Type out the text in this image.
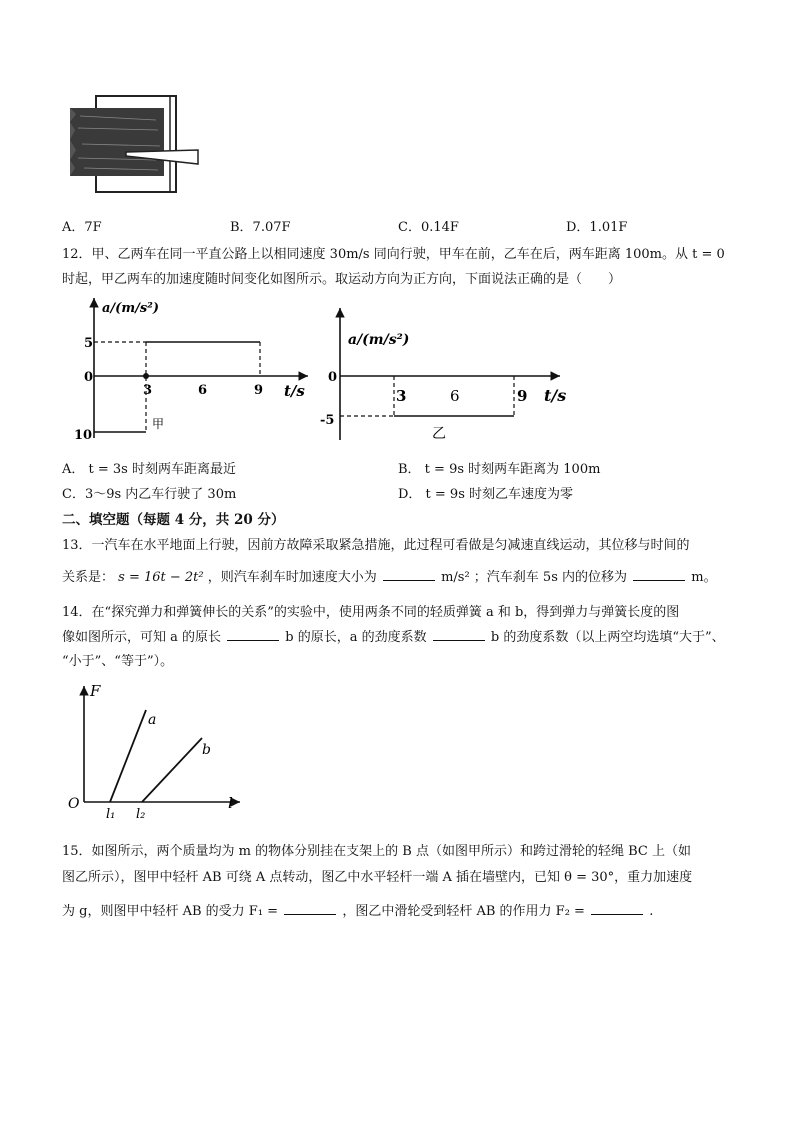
A．7F	B．7.07F	C．0.14F	D．1.01F
12．甲、乙两车在同一平直公路上以相同速度 30m/s 同向行驶，甲车在前，乙车在后，两车距离 100m。从 t = 0
时起，甲乙两车的加速度随时间变化如图所示。取运动方向为正方向，下面说法正确的是（　　）
a/(m/s²)
0
5
10
3	6	9 t/s
甲
a/(m/s²)
0
-5
3	6	9 t/s
乙
A． t = 3s 时刻两车距离最近	B． t = 9s 时刻两车距离为 100m
C．3～9s 内乙车行驶了 30m	D． t = 9s 时刻乙车速度为零
二、填空题（每题 4 分，共 20 分）
13．一汽车在水平地面上行驶，因前方故障采取紧急措施，此过程可看做是匀减速直线运动，其位移与时间的
关系是： s = 16t − 2t² ，则汽车刹车时加速度大小为	m/s² ；汽车刹车 5s 内的位移为	m。
14．在“探究弹力和弹簧伸长的关系”的实验中，使用两条不同的轻质弹簧 a 和 b，得到弹力与弹簧长度的图
像如图所示，可知 a 的原长	b 的原长，a 的劲度系数	b 的劲度系数（以上两空均选填“大于”、
“小于”、“等于”）。
F
O	l
a
b
l₁ l₂
15．如图所示，两个质量均为 m 的物体分别挂在支架上的 B 点（如图甲所示）和跨过滑轮的轻绳 BC 上（如
图乙所示），图甲中轻杆 AB 可绕 A 点转动，图乙中水平轻杆一端 A 插在墙壁内，已知 θ = 30°，重力加速度
为 g，则图甲中轻杆 AB 的受力 F₁ =	，图乙中滑轮受到轻杆 AB 的作用力 F₂ =	.
